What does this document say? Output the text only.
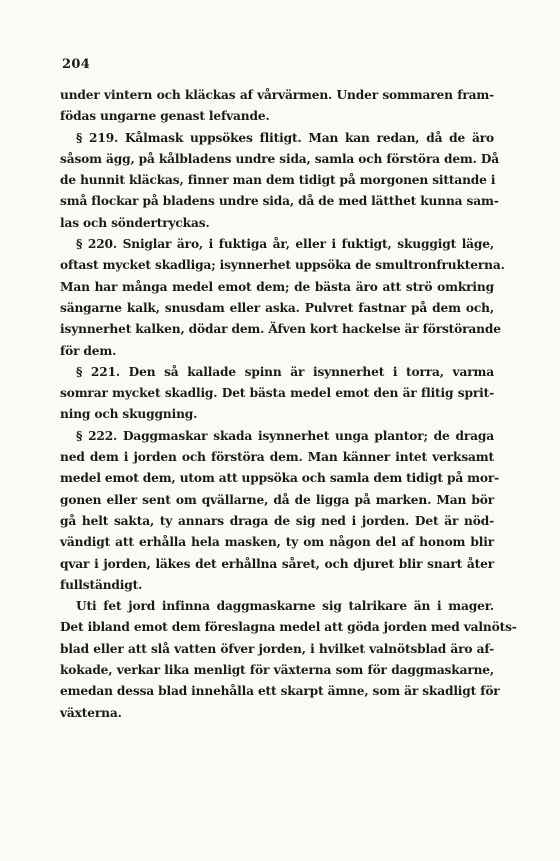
204
under vintern och kläckas af vårvärmen. Under sommaren fram-
födas ungarne genast lefvande.
§ 219. Kålmask uppsökes flitigt. Man kan redan, då de äro
såsom ägg, på kålbladens undre sida, samla och förstöra dem. Då
de hunnit kläckas, finner man dem tidigt på morgonen sittande i
små flockar på bladens undre sida, då de med lätthet kunna sam-
las och söndertryckas.
§ 220. Sniglar äro, i fuktiga år, eller i fuktigt, skuggigt läge,
oftast mycket skadliga; isynnerhet uppsöka de smultronfrukterna.
Man har många medel emot dem; de bästa äro att strö omkring
sängarne kalk, snusdam eller aska. Pulvret fastnar på dem och,
isynnerhet kalken, dödar dem. Äfven kort hackelse är förstörande
för dem.
§ 221. Den så kallade spinn är isynnerhet i torra, varma
somrar mycket skadlig. Det bästa medel emot den är flitig sprit-
ning och skuggning.
§ 222. Daggmaskar skada isynnerhet unga plantor; de draga
ned dem i jorden och förstöra dem. Man känner intet verksamt
medel emot dem, utom att uppsöka och samla dem tidigt på mor-
gonen eller sent om qvällarne, då de ligga på marken. Man bör
gå helt sakta, ty annars draga de sig ned i jorden. Det är nöd-
vändigt att erhålla hela masken, ty om någon del af honom blir
qvar i jorden, läkes det erhållna såret, och djuret blir snart åter
fullständigt.
Uti fet jord infinna daggmaskarne sig talrikare än i mager.
Det ibland emot dem föreslagna medel att göda jorden med valnöts-
blad eller att slå vatten öfver jorden, i hvilket valnötsblad äro af-
kokade, verkar lika menligt för växterna som för daggmaskarne,
emedan dessa blad innehålla ett skarpt ämne, som är skadligt för
växterna.
